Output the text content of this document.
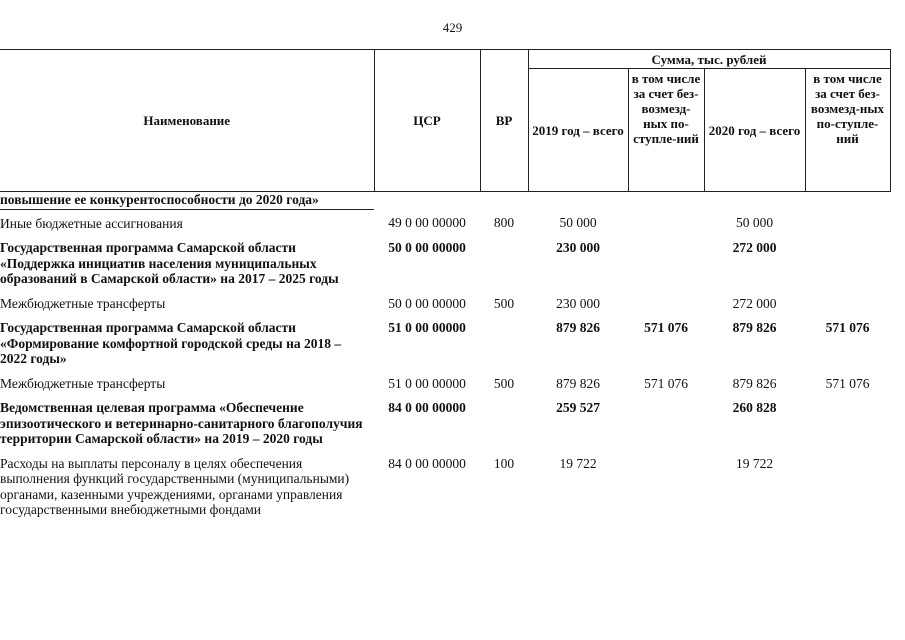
429
Наименование	ЦСР	ВР	Сумма, тыс. рублей			
			2019 год – всего	в том числе за счет без-возмезд-ных по-ступле-ний	2020 год – всего	в том числе за счет без-возмезд-ных по-ступле-ний
повышение ее конкурентоспособности до 2020 года»						
Иные бюджетные ассигнования	49 0 00 00000	800	50 000		50 000	
Государственная программа Самарской области «Поддержка инициатив населения муниципальных образований в Самарской области» на 2017 – 2025 годы	50 0 00 00000		230 000		272 000	
Межбюджетные трансферты	50 0 00 00000	500	230 000		272 000	
Государственная программа Самарской области «Формирование комфортной городской среды на 2018 – 2022 годы»	51 0 00 00000		879 826	571 076	879 826	571 076
Межбюджетные трансферты	51 0 00 00000	500	879 826	571 076	879 826	571 076
Ведомственная целевая программа «Обеспечение эпизоотического и ветеринарно-санитарного благополучия территории Самарской области» на 2019 – 2020 годы	84 0 00 00000		259 527		260 828	
Расходы на выплаты персоналу в целях обеспечения выполнения функций государственными (муниципальными) органами, казенными учреждениями, органами управления государственными внебюджетными фондами	84 0 00 00000	100	19 722		19 722	
